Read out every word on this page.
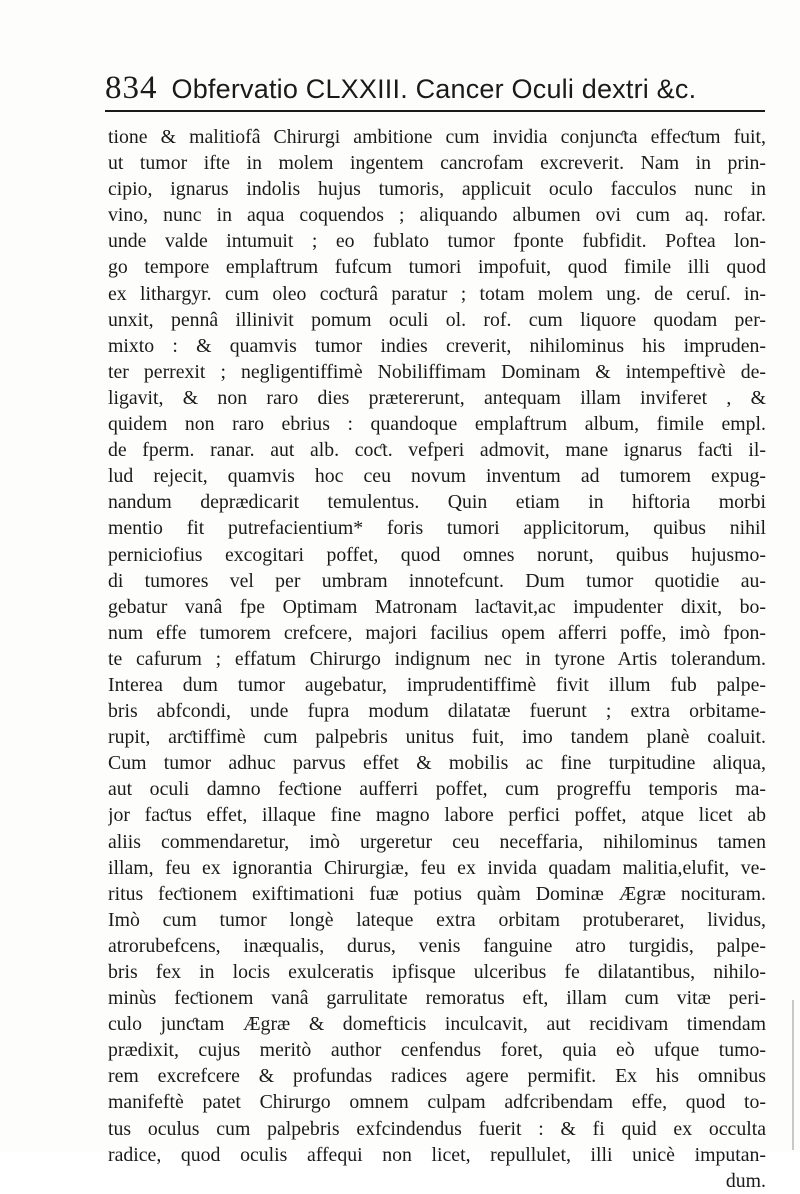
834 Obfervatio CLXXIII. Cancer Oculi dextri &c.
tione & malitiofâ Chirurgi ambitione cum invidia conjunƈta effeƈtum fuit,
ut tumor ifte in molem ingentem cancrofam excreverit. Nam in prin-
cipio, ignarus indolis hujus tumoris, applicuit oculo facculos nunc in
vino, nunc in aqua coquendos ; aliquando albumen ovi cum aq. rofar.
unde valde intumuit ; eo fublato tumor fponte fubfidit. Poftea lon-
go tempore emplaftrum fufcum tumori impofuit, quod fimile illi quod
ex lithargyr. cum oleo coƈturâ paratur ; totam molem ung. de ceruſ. in-
unxit, pennâ illinivit pomum oculi ol. rof. cum liquore quodam per-
mixto : & quamvis tumor indies creverit, nihilominus his impruden-
ter perrexit ; negligentiffimè Nobiliffimam Dominam & intempeftivè de-
ligavit, & non raro dies prætererunt, antequam illam inviferet , &
quidem non raro ebrius : quandoque emplaftrum album, fimile empl.
de fperm. ranar. aut alb. coƈt. vefperi admovit, mane ignarus faƈti il-
lud rejecit, quamvis hoc ceu novum inventum ad tumorem expug-
nandum deprædicarit temulentus. Quin etiam in hiftoria morbi
mentio fit putrefacientium* foris tumori applicitorum, quibus nihil
perniciofius excogitari poffet, quod omnes norunt, quibus hujusmo-
di tumores vel per umbram innotefcunt. Dum tumor quotidie au-
gebatur vanâ fpe Optimam Matronam laƈtavit,ac impudenter dixit, bo-
num effe tumorem crefcere, majori facilius opem afferri poffe, imò fpon-
te cafurum ; effatum Chirurgo indignum nec in tyrone Artis tolerandum.
Interea dum tumor augebatur, imprudentiffimè fivit illum fub palpe-
bris abfcondi, unde fupra modum dilatatæ fuerunt ; extra orbitame-
rupit, arƈtiffimè cum palpebris unitus fuit, imo tandem planè coaluit.
Cum tumor adhuc parvus effet & mobilis ac fine turpitudine aliqua,
aut oculi damno feƈtione aufferri poffet, cum progreffu temporis ma-
jor faƈtus effet, illaque fine magno labore perfici poffet, atque licet ab
aliis commendaretur, imò urgeretur ceu neceffaria, nihilominus tamen
illam, feu ex ignorantia Chirurgiæ, feu ex invida quadam malitia,elufit, ve-
ritus feƈtionem exiftimationi fuæ potius quàm Dominæ Ægræ nocituram.
Imò cum tumor longè lateque extra orbitam protuberaret, lividus,
atrorubefcens, inæqualis, durus, venis fanguine atro turgidis, palpe-
bris fex in locis exulceratis ipfisque ulceribus fe dilatantibus, nihilo-
minùs feƈtionem vanâ garrulitate remoratus eft, illam cum vitæ peri-
culo junƈtam Ægræ & domefticis inculcavit, aut recidivam timendam
prædixit, cujus meritò author cenfendus foret, quia eò ufque tumo-
rem excrefcere & profundas radices agere permifit. Ex his omnibus
manifeftè patet Chirurgo omnem culpam adfcribendam effe, quod to-
tus oculus cum palpebris exfcindendus fuerit : & fi quid ex occulta
radice, quod oculis affequi non licet, repullulet, illi unicè imputan-
dum.
